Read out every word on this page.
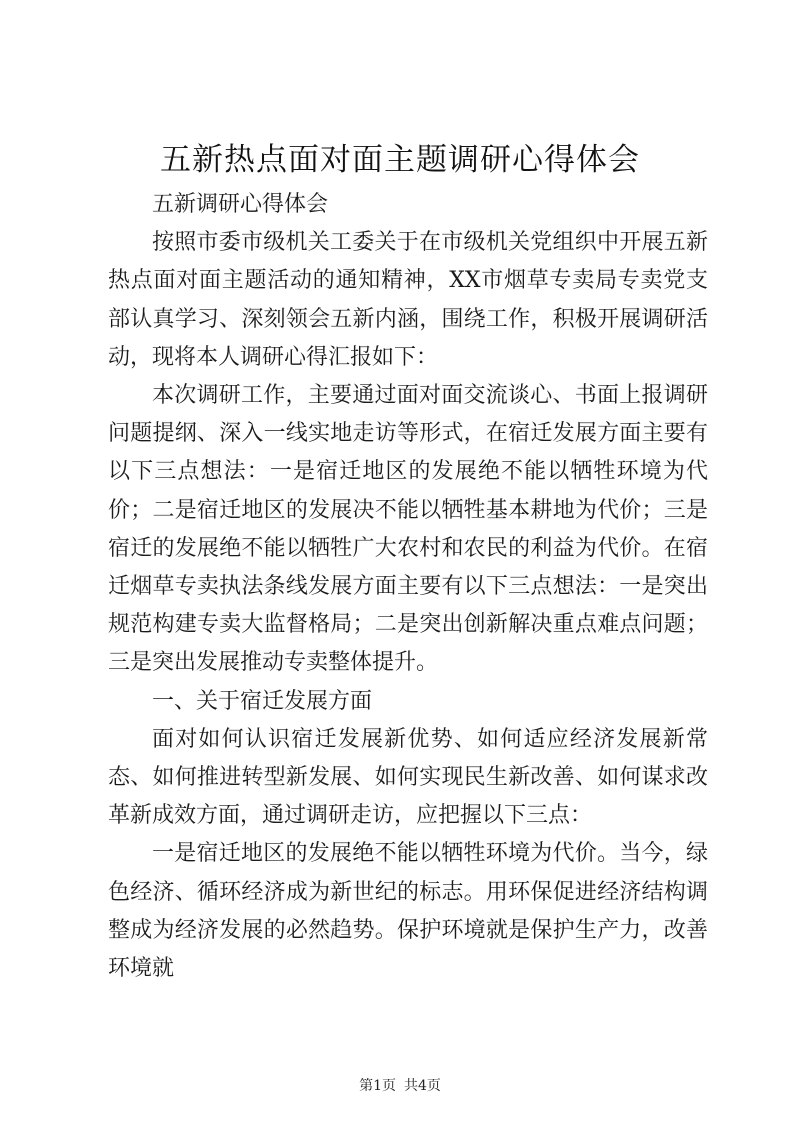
五新热点面对面主题调研心得体会

五新调研心得体会

按照市委市级机关工委关于在市级机关党组织中开展五新热点面对面主题活动的通知精神，XX市烟草专卖局专卖党支部认真学习、深刻领会五新内涵，围绕工作，积极开展调研活动，现将本人调研心得汇报如下：

本次调研工作，主要通过面对面交流谈心、书面上报调研问题提纲、深入一线实地走访等形式，在宿迁发展方面主要有以下三点想法：一是宿迁地区的发展绝不能以牺牲环境为代价；二是宿迁地区的发展决不能以牺牲基本耕地为代价；三是宿迁的发展绝不能以牺牲广大农村和农民的利益为代价。在宿迁烟草专卖执法条线发展方面主要有以下三点想法：一是突出规范构建专卖大监督格局；二是突出创新解决重点难点问题；三是突出发展推动专卖整体提升。

一、关于宿迁发展方面

面对如何认识宿迁发展新优势、如何适应经济发展新常态、如何推进转型新发展、如何实现民生新改善、如何谋求改革新成效方面，通过调研走访，应把握以下三点：

一是宿迁地区的发展绝不能以牺牲环境为代价。当今，绿色经济、循环经济成为新世纪的标志。用环保促进经济结构调整成为经济发展的必然趋势。保护环境就是保护生产力，改善环境就

第1页 共4页
